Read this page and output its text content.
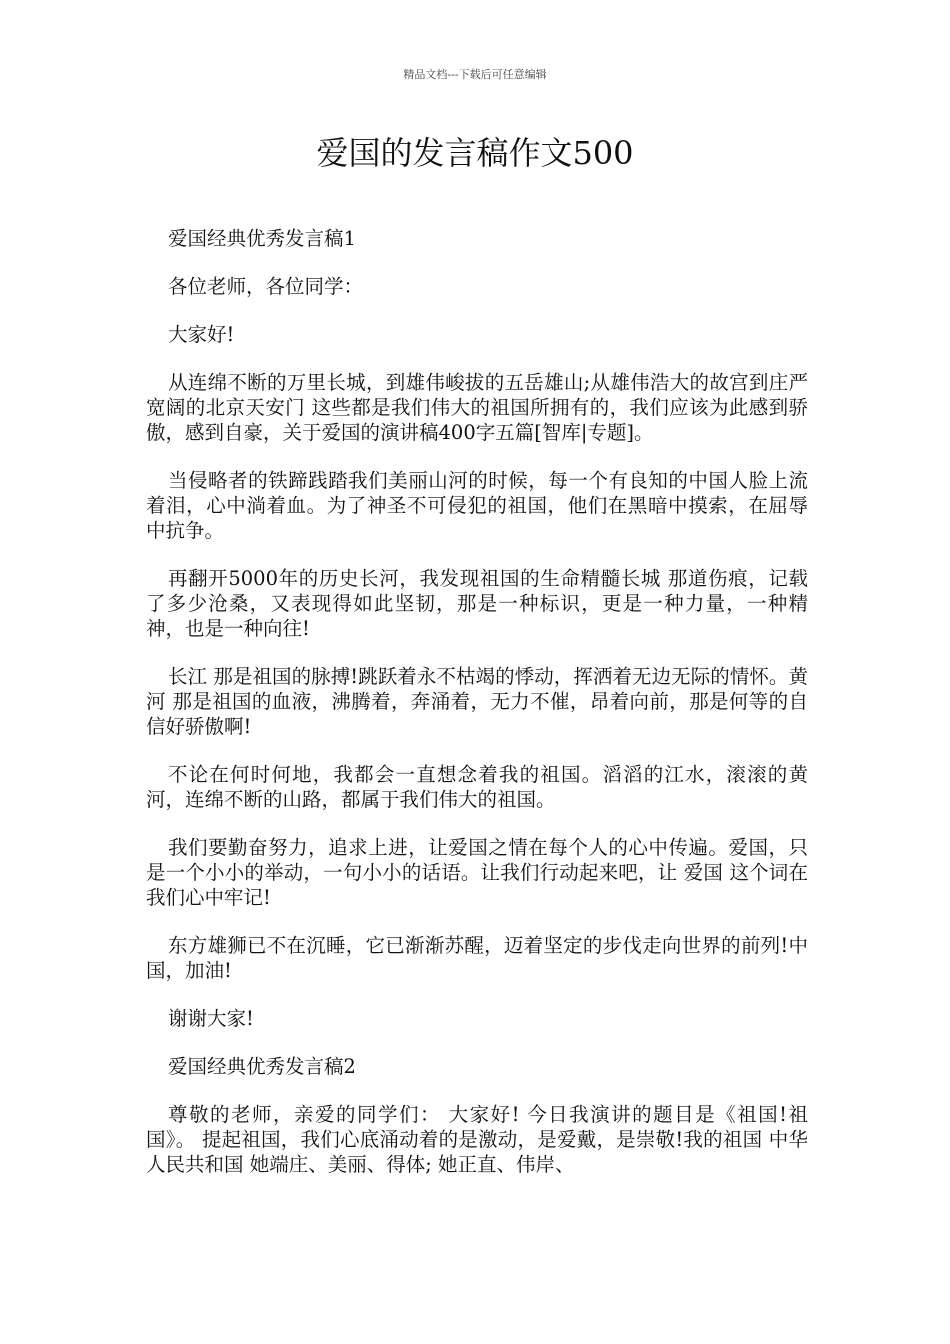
精品文档---下载后可任意编辑
爱国的发言稿作文500

爱国经典优秀发言稿1

各位老师，各位同学：

大家好!

从连绵不断的万里长城，到雄伟峻拔的五岳雄山;从雄伟浩大的故宫到庄严宽阔的北京天安门 这些都是我们伟大的祖国所拥有的，我们应该为此感到骄傲，感到自豪，关于爱国的演讲稿400字五篇[智库|专题]。

当侵略者的铁蹄践踏我们美丽山河的时候，每一个有良知的中国人脸上流着泪，心中淌着血。为了神圣不可侵犯的祖国，他们在黑暗中摸索，在屈辱中抗争。

再翻开5000年的历史长河，我发现祖国的生命精髓长城 那道伤痕，记载了多少沧桑，又表现得如此坚韧，那是一种标识，更是一种力量，一种精神，也是一种向往!

长江 那是祖国的脉搏!跳跃着永不枯竭的悸动，挥洒着无边无际的情怀。黄河 那是祖国的血液，沸腾着，奔涌着，无力不催，昂着向前，那是何等的自信好骄傲啊!

不论在何时何地，我都会一直想念着我的祖国。滔滔的江水，滚滚的黄河，连绵不断的山路，都属于我们伟大的祖国。

我们要勤奋努力，追求上进，让爱国之情在每个人的心中传遍。爱国，只是一个小小的举动，一句小小的话语。让我们行动起来吧，让 爱国 这个词在我们心中牢记!

东方雄狮已不在沉睡，它已渐渐苏醒，迈着坚定的步伐走向世界的前列!中国，加油!

谢谢大家!

爱国经典优秀发言稿2

尊敬的老师，亲爱的同学们： 大家好! 今日我演讲的题目是《祖国!祖国》。 提起祖国，我们心底涌动着的是激动，是爱戴，是崇敬!我的祖国 中华人民共和国 她端庄、美丽、得体; 她正直、伟岸、
